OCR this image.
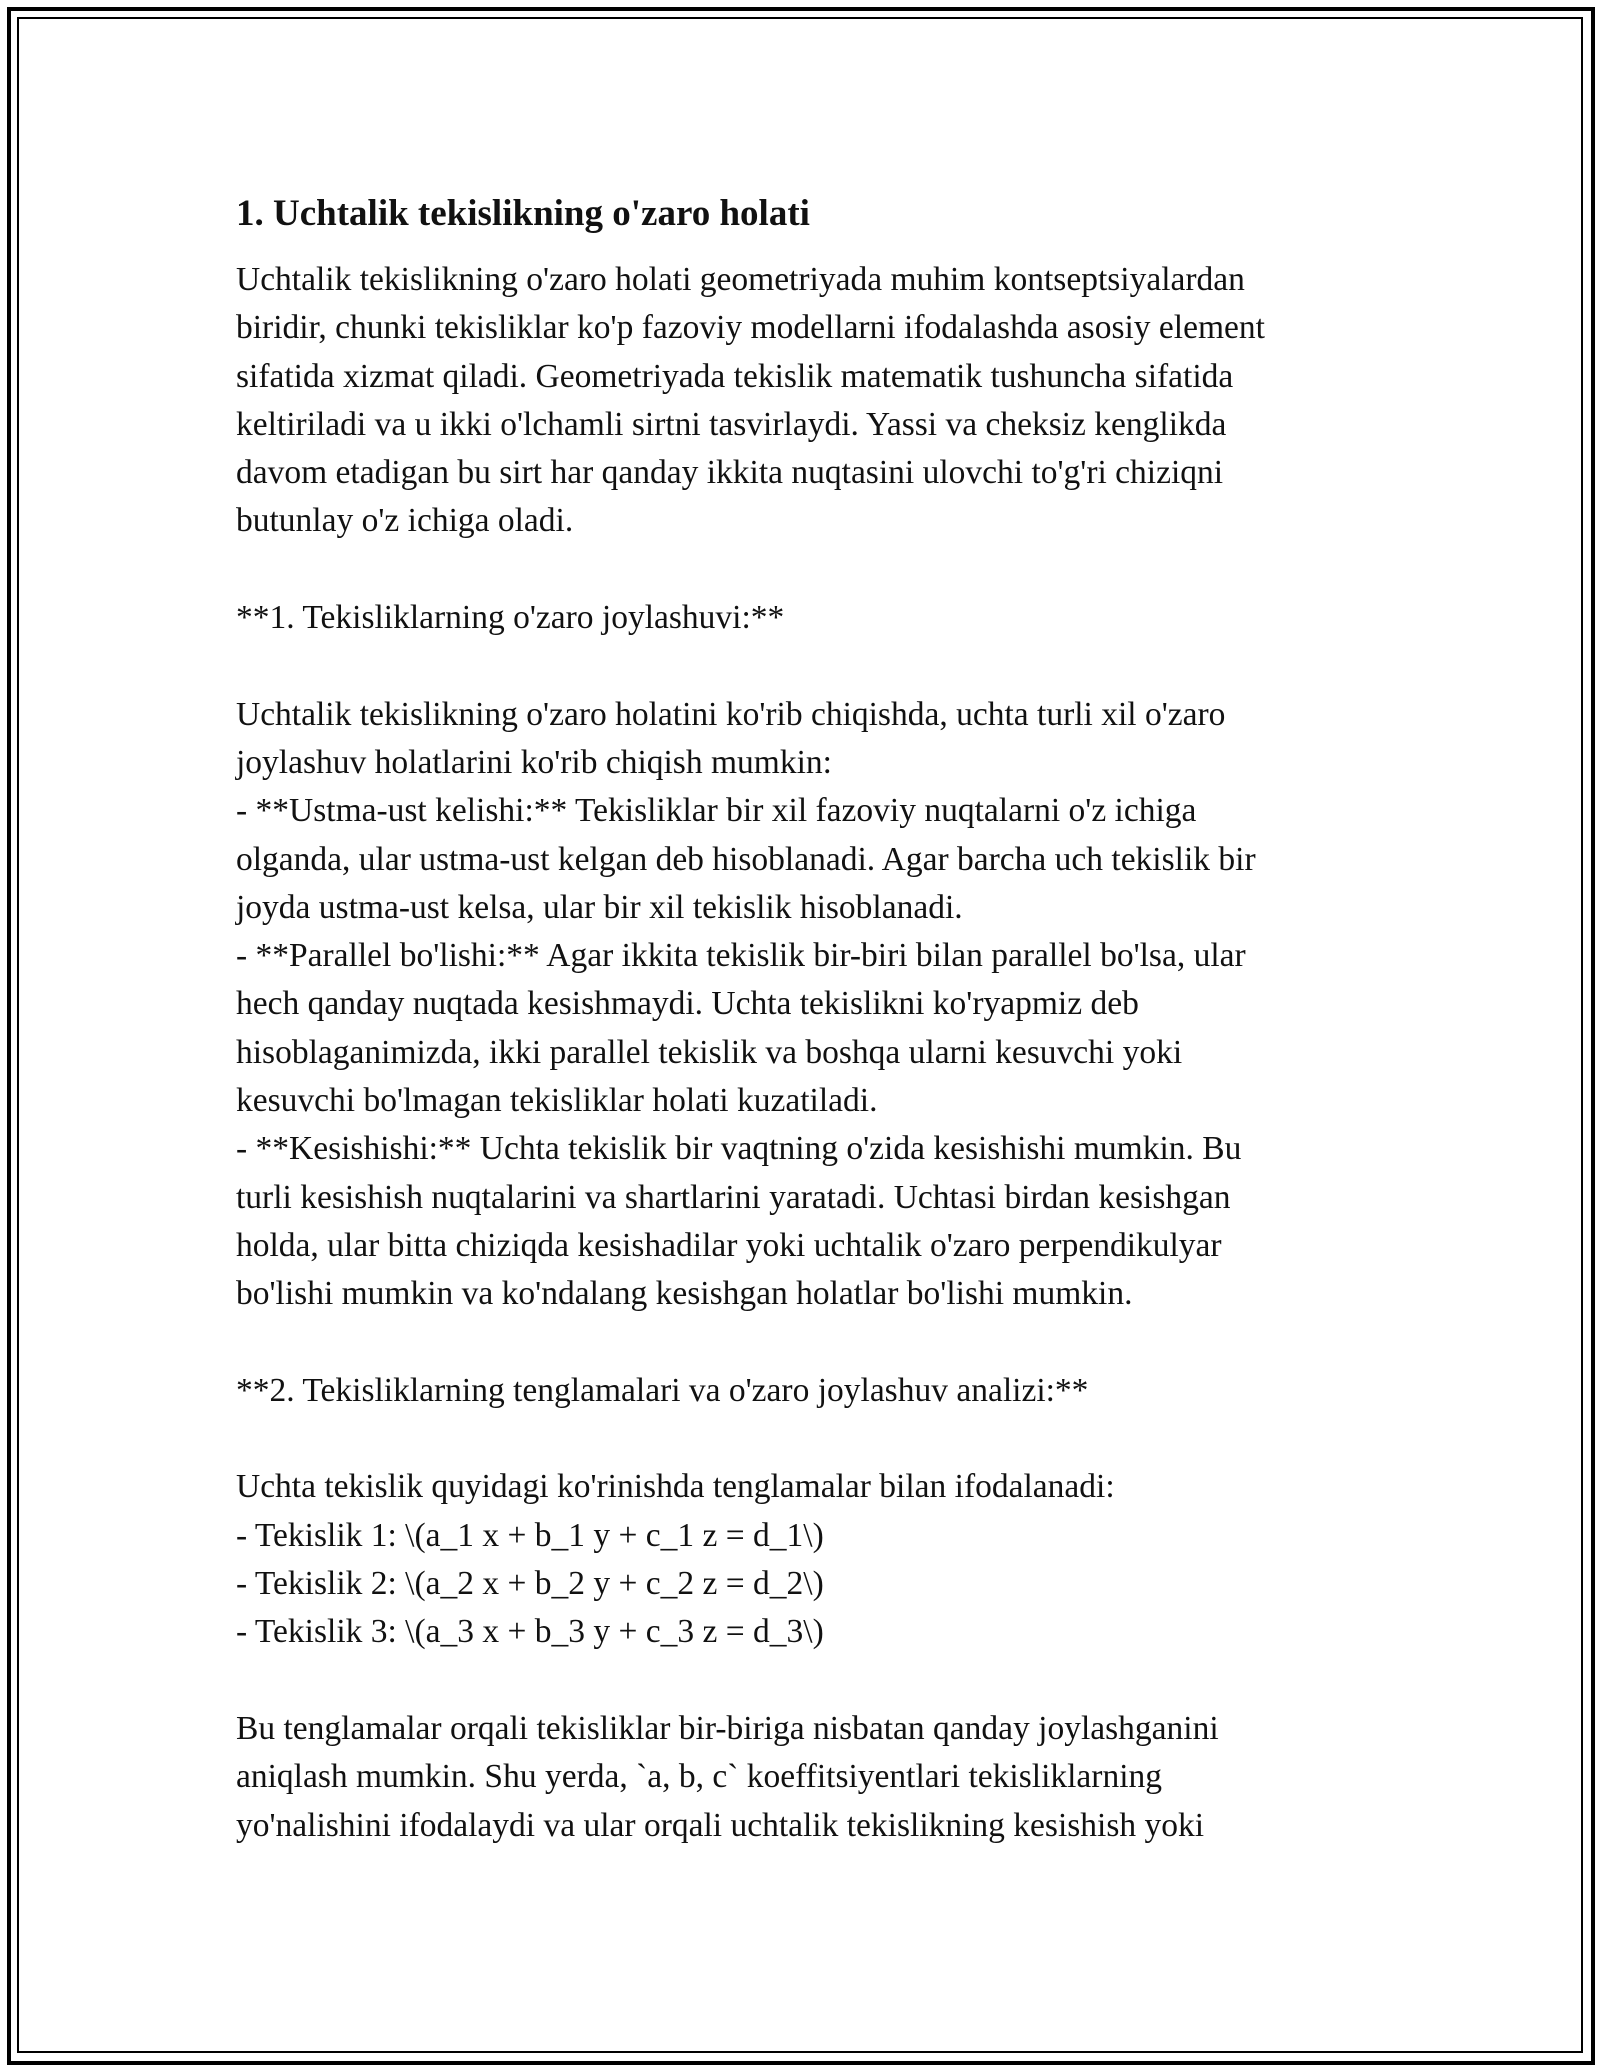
1. Uchtalik tekislikning o'zaro holati
Uchtalik tekislikning o'zaro holati geometriyada muhim kontseptsiyalardan
biridir, chunki tekisliklar ko'p fazoviy modellarni ifodalashda asosiy element
sifatida xizmat qiladi. Geometriyada tekislik matematik tushuncha sifatida
keltiriladi va u ikki o'lchamli sirtni tasvirlaydi. Yassi va cheksiz kenglikda
davom etadigan bu sirt har qanday ikkita nuqtasini ulovchi to'g'ri chiziqni
butunlay o'z ichiga oladi.
**1. Tekisliklarning o'zaro joylashuvi:**
Uchtalik tekislikning o'zaro holatini ko'rib chiqishda, uchta turli xil o'zaro
joylashuv holatlarini ko'rib chiqish mumkin:
- **Ustma-ust kelishi:** Tekisliklar bir xil fazoviy nuqtalarni o'z ichiga
olganda, ular ustma-ust kelgan deb hisoblanadi. Agar barcha uch tekislik bir
joyda ustma-ust kelsa, ular bir xil tekislik hisoblanadi.
- **Parallel bo'lishi:** Agar ikkita tekislik bir-biri bilan parallel bo'lsa, ular
hech qanday nuqtada kesishmaydi. Uchta tekislikni ko'ryapmiz deb
hisoblaganimizda, ikki parallel tekislik va boshqa ularni kesuvchi yoki
kesuvchi bo'lmagan tekisliklar holati kuzatiladi.
- **Kesishishi:** Uchta tekislik bir vaqtning o'zida kesishishi mumkin. Bu
turli kesishish nuqtalarini va shartlarini yaratadi. Uchtasi birdan kesishgan
holda, ular bitta chiziqda kesishadilar yoki uchtalik o'zaro perpendikulyar
bo'lishi mumkin va ko'ndalang kesishgan holatlar bo'lishi mumkin.
**2. Tekisliklarning tenglamalari va o'zaro joylashuv analizi:**
Uchta tekislik quyidagi ko'rinishda tenglamalar bilan ifodalanadi:
- Tekislik 1: \(a_1 x + b_1 y + c_1 z = d_1\)
- Tekislik 2: \(a_2 x + b_2 y + c_2 z = d_2\)
- Tekislik 3: \(a_3 x + b_3 y + c_3 z = d_3\)
Bu tenglamalar orqali tekisliklar bir-biriga nisbatan qanday joylashganini
aniqlash mumkin. Shu yerda, `a, b, c` koeffitsiyentlari tekisliklarning
yo'nalishini ifodalaydi va ular orqali uchtalik tekislikning kesishish yoki
